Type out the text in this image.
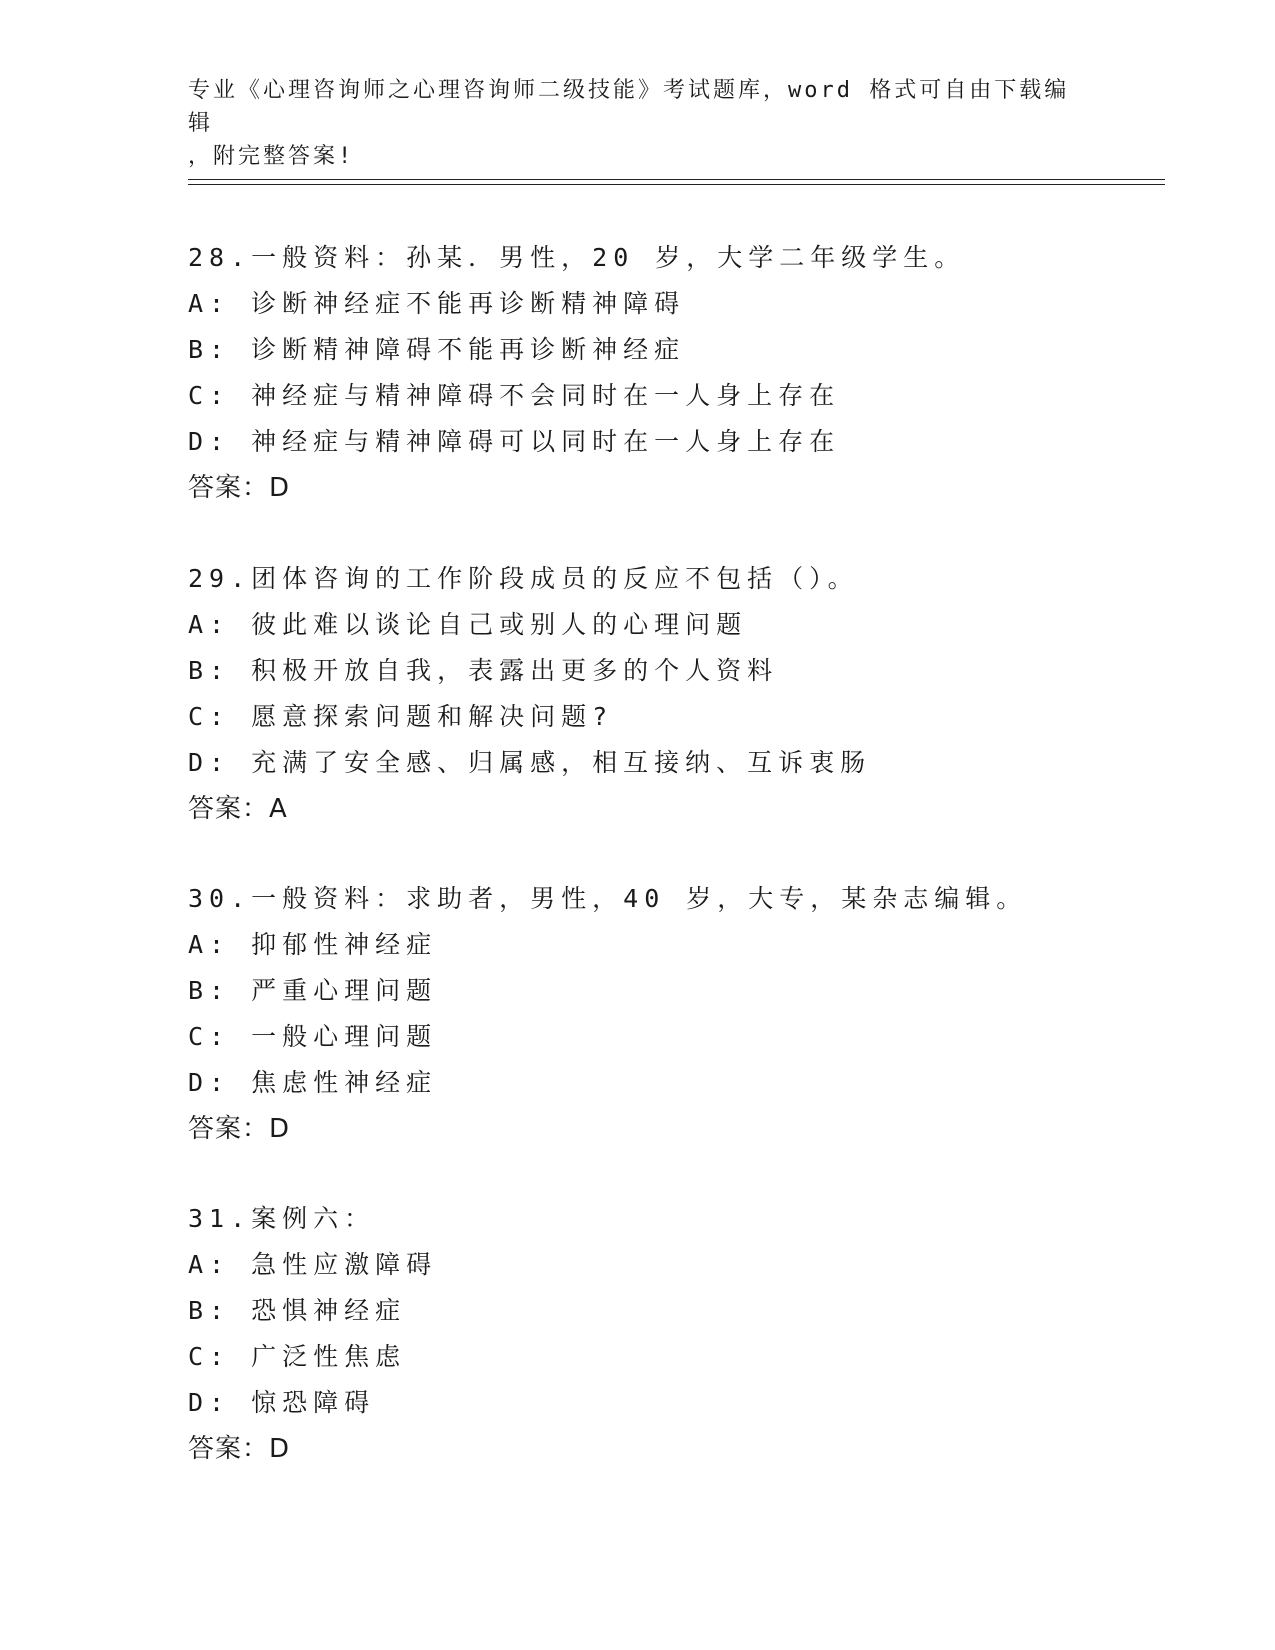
专业《心理咨询师之心理咨询师二级技能》考试题库，word 格式可自由下载编辑
，附完整答案!
28.一般资料：孙某．男性，20 岁，大学二年级学生。
A: 诊断神经症不能再诊断精神障碍
B: 诊断精神障碍不能再诊断神经症
C: 神经症与精神障碍不会同时在一人身上存在
D: 神经症与精神障碍可以同时在一人身上存在
答案：D
29.团体咨询的工作阶段成员的反应不包括（）。
A: 彼此难以谈论自己或别人的心理问题
B: 积极开放自我，表露出更多的个人资料
C: 愿意探索问题和解决问题?
D: 充满了安全感、归属感，相互接纳、互诉衷肠
答案：A
30.一般资料：求助者，男性，40 岁，大专，某杂志编辑。
A: 抑郁性神经症
B: 严重心理问题
C: 一般心理问题
D: 焦虑性神经症
答案：D
31.案例六：
A: 急性应激障碍
B: 恐惧神经症
C: 广泛性焦虑
D: 惊恐障碍
答案：D
